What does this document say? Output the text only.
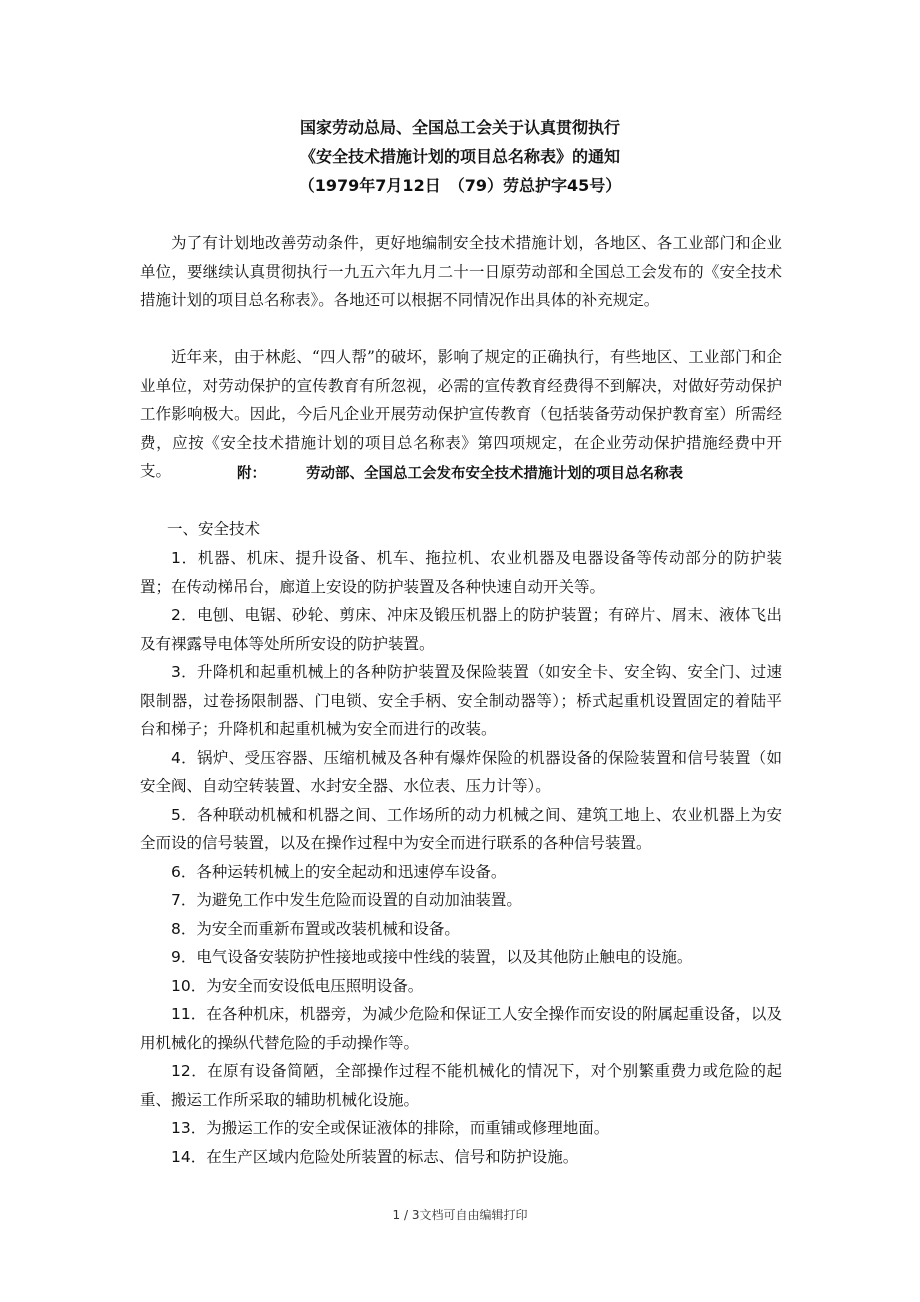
国家劳动总局、全国总工会关于认真贯彻执行
《安全技术措施计划的项目总名称表》的通知
（1979年7月12日　（79）劳总护字45号）

为了有计划地改善劳动条件，更好地编制安全技术措施计划，各地区、各工业部门和企业单位，要继续认真贯彻执行一九五六年九月二十一日原劳动部和全国总工会发布的《安全技术措施计划的项目总名称表》。各地还可以根据不同情况作出具体的补充规定。

近年来，由于林彪、“四人帮”的破坏，影响了规定的正确执行，有些地区、工业部门和企业单位，对劳动保护的宣传教育有所忽视，必需的宣传教育经费得不到解决，对做好劳动保护工作影响极大。因此，今后凡企业开展劳动保护宣传教育（包括装备劳动保护教育室）所需经费，应按《安全技术措施计划的项目总名称表》第四项规定，在企业劳动保护措施经费中开支。	附：	劳动部、全国总工会发布安全技术措施计划的项目总名称表
一、安全技术
1．机器、机床、提升设备、机车、拖拉机、农业机器及电器设备等传动部分的防护装置；在传动梯吊台，廊道上安设的防护装置及各种快速自动开关等。
2．电刨、电锯、砂轮、剪床、冲床及锻压机器上的防护装置；有碎片、屑末、液体飞出及有裸露导电体等处所所安设的防护装置。
3．升降机和起重机械上的各种防护装置及保险装置（如安全卡、安全钩、安全门、过速限制器，过卷扬限制器、门电锁、安全手柄、安全制动器等）；桥式起重机设置固定的着陆平台和梯子；升降机和起重机械为安全而进行的改装。
4．锅炉、受压容器、压缩机械及各种有爆炸保险的机器设备的保险装置和信号装置（如安全阀、自动空转装置、水封安全器、水位表、压力计等）。
5．各种联动机械和机器之间、工作场所的动力机械之间、建筑工地上、农业机器上为安全而设的信号装置，以及在操作过程中为安全而进行联系的各种信号装置。
6．各种运转机械上的安全起动和迅速停车设备。
7．为避免工作中发生危险而设置的自动加油装置。
8．为安全而重新布置或改装机械和设备。
9．电气设备安装防护性接地或接中性线的装置，以及其他防止触电的设施。
10．为安全而安设低电压照明设备。
11．在各种机床，机器旁，为减少危险和保证工人安全操作而安设的附属起重设备，以及用机械化的操纵代替危险的手动操作等。
12．在原有设备简陋，全部操作过程不能机械化的情况下，对个别繁重费力或危险的起重、搬运工作所采取的辅助机械化设施。
13．为搬运工作的安全或保证液体的排除，而重铺或修理地面。
14．在生产区域内危险处所装置的标志、信号和防护设施。
1 / 3文档可自由编辑打印
